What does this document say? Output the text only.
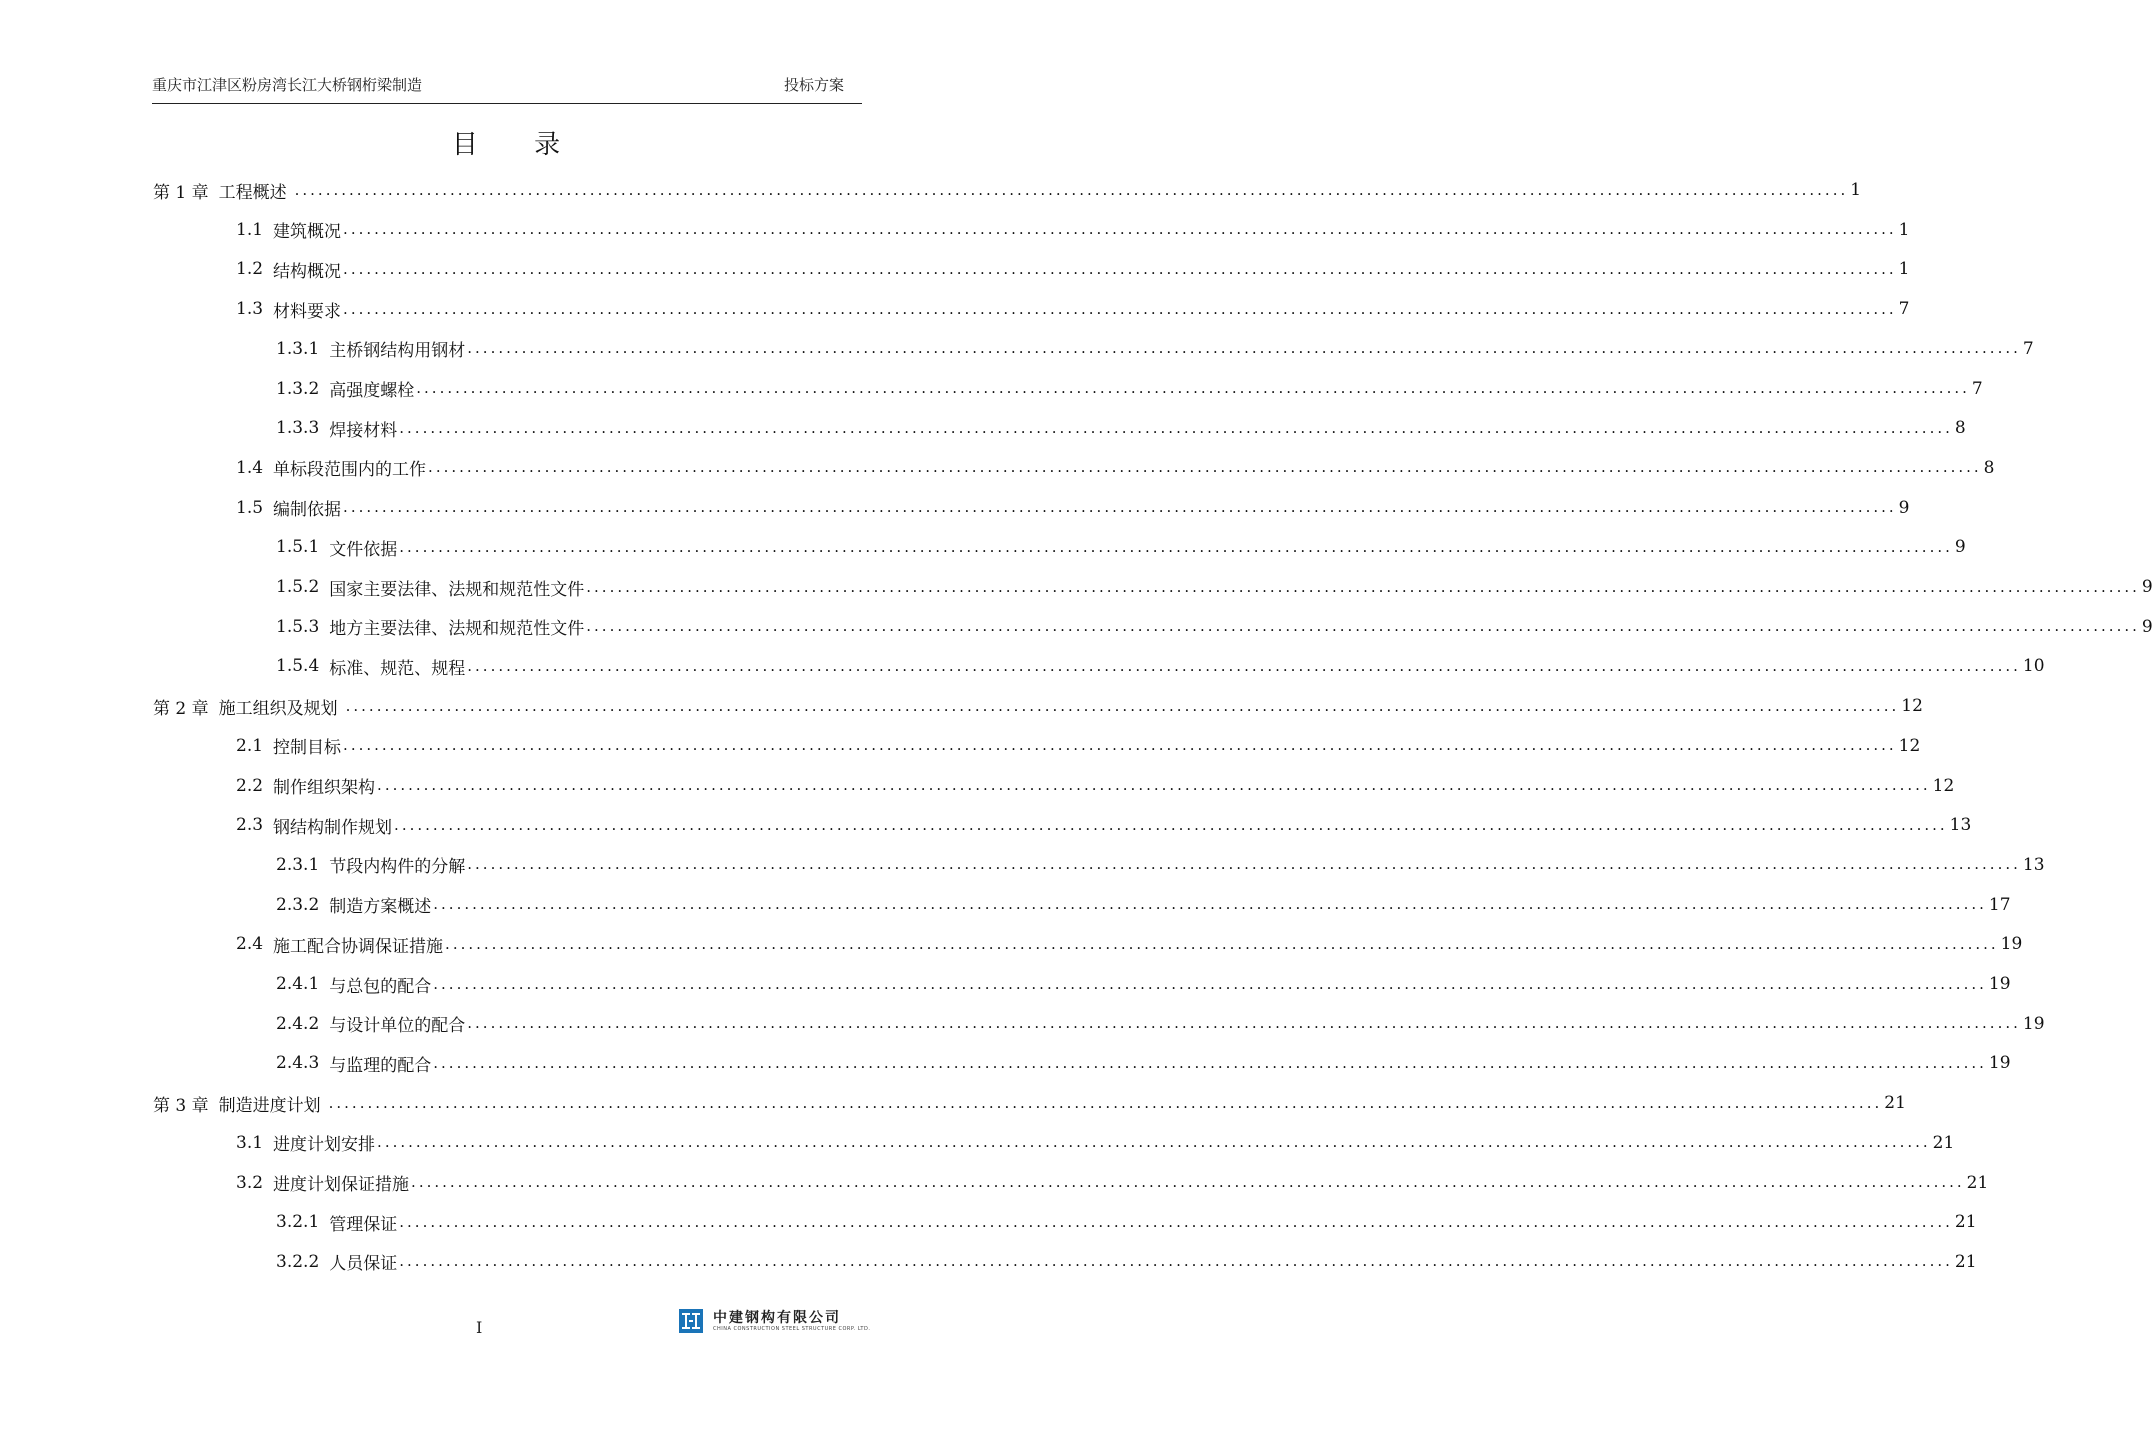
重庆市江津区粉房湾长江大桥钢桁梁制造	投标方案
目 录
第 1 章 工程概述 ........................................................................................................................................................................................................ 1
1.1 建筑概况 ........................................................................................................................................................................................................ 1
1.2 结构概况 ........................................................................................................................................................................................................ 1
1.3 材料要求 ........................................................................................................................................................................................................ 7
1.3.1 主桥钢结构用钢材 ........................................................................................................................................................................................................ 7
1.3.2 高强度螺栓 ........................................................................................................................................................................................................ 7
1.3.3 焊接材料 ........................................................................................................................................................................................................ 8
1.4 单标段范围内的工作 ........................................................................................................................................................................................................ 8
1.5 编制依据 ........................................................................................................................................................................................................ 9
1.5.1 文件依据 ........................................................................................................................................................................................................ 9
1.5.2 国家主要法律、法规和规范性文件 ........................................................................................................................................................................................................ 9
1.5.3 地方主要法律、法规和规范性文件 ........................................................................................................................................................................................................ 9
1.5.4 标准、规范、规程 ........................................................................................................................................................................................................ 10
第 2 章 施工组织及规划 ........................................................................................................................................................................................................ 12
2.1 控制目标 ........................................................................................................................................................................................................ 12
2.2 制作组织架构 ........................................................................................................................................................................................................ 12
2.3 钢结构制作规划 ........................................................................................................................................................................................................ 13
2.3.1 节段内构件的分解 ........................................................................................................................................................................................................ 13
2.3.2 制造方案概述 ........................................................................................................................................................................................................ 17
2.4 施工配合协调保证措施 ........................................................................................................................................................................................................ 19
2.4.1 与总包的配合 ........................................................................................................................................................................................................ 19
2.4.2 与设计单位的配合 ........................................................................................................................................................................................................ 19
2.4.3 与监理的配合 ........................................................................................................................................................................................................ 19
第 3 章 制造进度计划 ........................................................................................................................................................................................................ 21
3.1 进度计划安排 ........................................................................................................................................................................................................ 21
3.2 进度计划保证措施 ........................................................................................................................................................................................................ 21
3.2.1 管理保证 ........................................................................................................................................................................................................ 21
3.2.2 人员保证 ........................................................................................................................................................................................................ 21
I
中建钢构有限公司
CHINA CONSTRUCTION STEEL STRUCTURE CORP. LTD.
